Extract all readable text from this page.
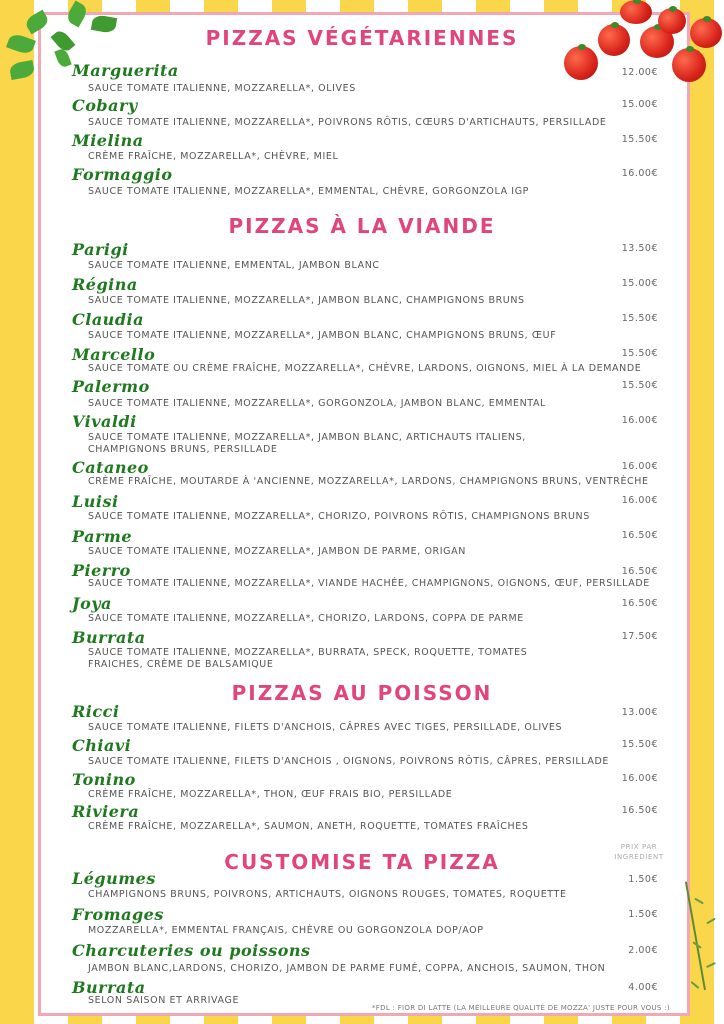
PIZZAS VÉGÉTARIENNES
Marguerita	12.00€
SAUCE TOMATE ITALIENNE, MOZZARELLA*, OLIVES
Cobary	15.00€
SAUCE TOMATE ITALIENNE, MOZZARELLA*, POIVRONS RÔTIS, CŒURS D'ARTICHAUTS, PERSILLADE
Mielina	15.50€
CRÈME FRAÎCHE, MOZZARELLA*, CHÈVRE, MIEL
Formaggio	16.00€
SAUCE TOMATE ITALIENNE, MOZZARELLA*, EMMENTAL, CHÈVRE, GORGONZOLA IGP
PIZZAS À LA VIANDE
Parigi	13.50€
SAUCE TOMATE ITALIENNE, EMMENTAL, JAMBON BLANC
Régina	15.00€
SAUCE TOMATE ITALIENNE, MOZZARELLA*, JAMBON BLANC, CHAMPIGNONS BRUNS
Claudia	15.50€
SAUCE TOMATE ITALIENNE, MOZZARELLA*, JAMBON BLANC, CHAMPIGNONS BRUNS, ŒUF
Marcello	15.50€
SAUCE TOMATE OU CRÈME FRAÎCHE, MOZZARELLA*, CHÈVRE, LARDONS, OIGNONS, MIEL À LA DEMANDE
Palermo	15.50€
SAUCE TOMATE ITALIENNE, MOZZARELLA*, GORGONZOLA, JAMBON BLANC, EMMENTAL
Vivaldi	16.00€
SAUCE TOMATE ITALIENNE, MOZZARELLA*, JAMBON BLANC, ARTICHAUTS ITALIENS,
CHAMPIGNONS BRUNS, PERSILLADE
Cataneo	16.00€
CRÈME FRAÎCHE, MOUTARDE À 'ANCIENNE, MOZZARELLA*, LARDONS, CHAMPIGNONS BRUNS, VENTRÈCHE
Luisi	16.00€
SAUCE TOMATE ITALIENNE, MOZZARELLA*, CHORIZO, POIVRONS RÔTIS, CHAMPIGNONS BRUNS
Parme	16.50€
SAUCE TOMATE ITALIENNE, MOZZARELLA*, JAMBON DE PARME, ORIGAN
Pierro	16.50€
SAUCE TOMATE ITALIENNE, MOZZARELLA*, VIANDE HACHÉE, CHAMPIGNONS, OIGNONS, ŒUF, PERSILLADE
Joya	16.50€
SAUCE TOMATE ITALIENNE, MOZZARELLA*, CHORIZO, LARDONS, COPPA DE PARME
Burrata	17.50€
SAUCE TOMATE ITALIENNE, MOZZARELLA*, BURRATA, SPECK, ROQUETTE, TOMATES
FRAICHES, CRÈME DE BALSAMIQUE
PIZZAS AU POISSON
Ricci	13.00€
SAUCE TOMATE ITALIENNE, FILETS D'ANCHOIS, CÂPRES AVEC TIGES, PERSILLADE, OLIVES
Chiavi	15.50€
SAUCE TOMATE ITALIENNE, FILETS D'ANCHOIS , OIGNONS, POIVRONS RÔTIS, CÂPRES, PERSILLADE
Tonino	16.00€
CRÈME FRAÎCHE, MOZZARELLA*, THON, ŒUF FRAIS BIO, PERSILLADE
Riviera	16.50€
CRÈME FRAÎCHE, MOZZARELLA*, SAUMON, ANETH, ROQUETTE, TOMATES FRAÎCHES
CUSTOMISE TA PIZZA
PRIX PAR
INGRÉDIENT
Légumes	1.50€
CHAMPIGNONS BRUNS, POIVRONS, ARTICHAUTS, OIGNONS ROUGES, TOMATES, ROQUETTE
Fromages	1.50€
MOZZARELLA*, EMMENTAL FRANÇAIS, CHÈVRE OU GORGONZOLA DOP/AOP
Charcuteries ou poissons	2.00€
JAMBON BLANC,LARDONS, CHORIZO, JAMBON DE PARME FUMÉ, COPPA, ANCHOIS, SAUMON, THON
Burrata	4.00€
SELON SAISON ET ARRIVAGE
*FDL : FIOR DI LATTE (LA MEILLEURE QUALITÉ DE MOZZA' JUSTE POUR VOUS :)
